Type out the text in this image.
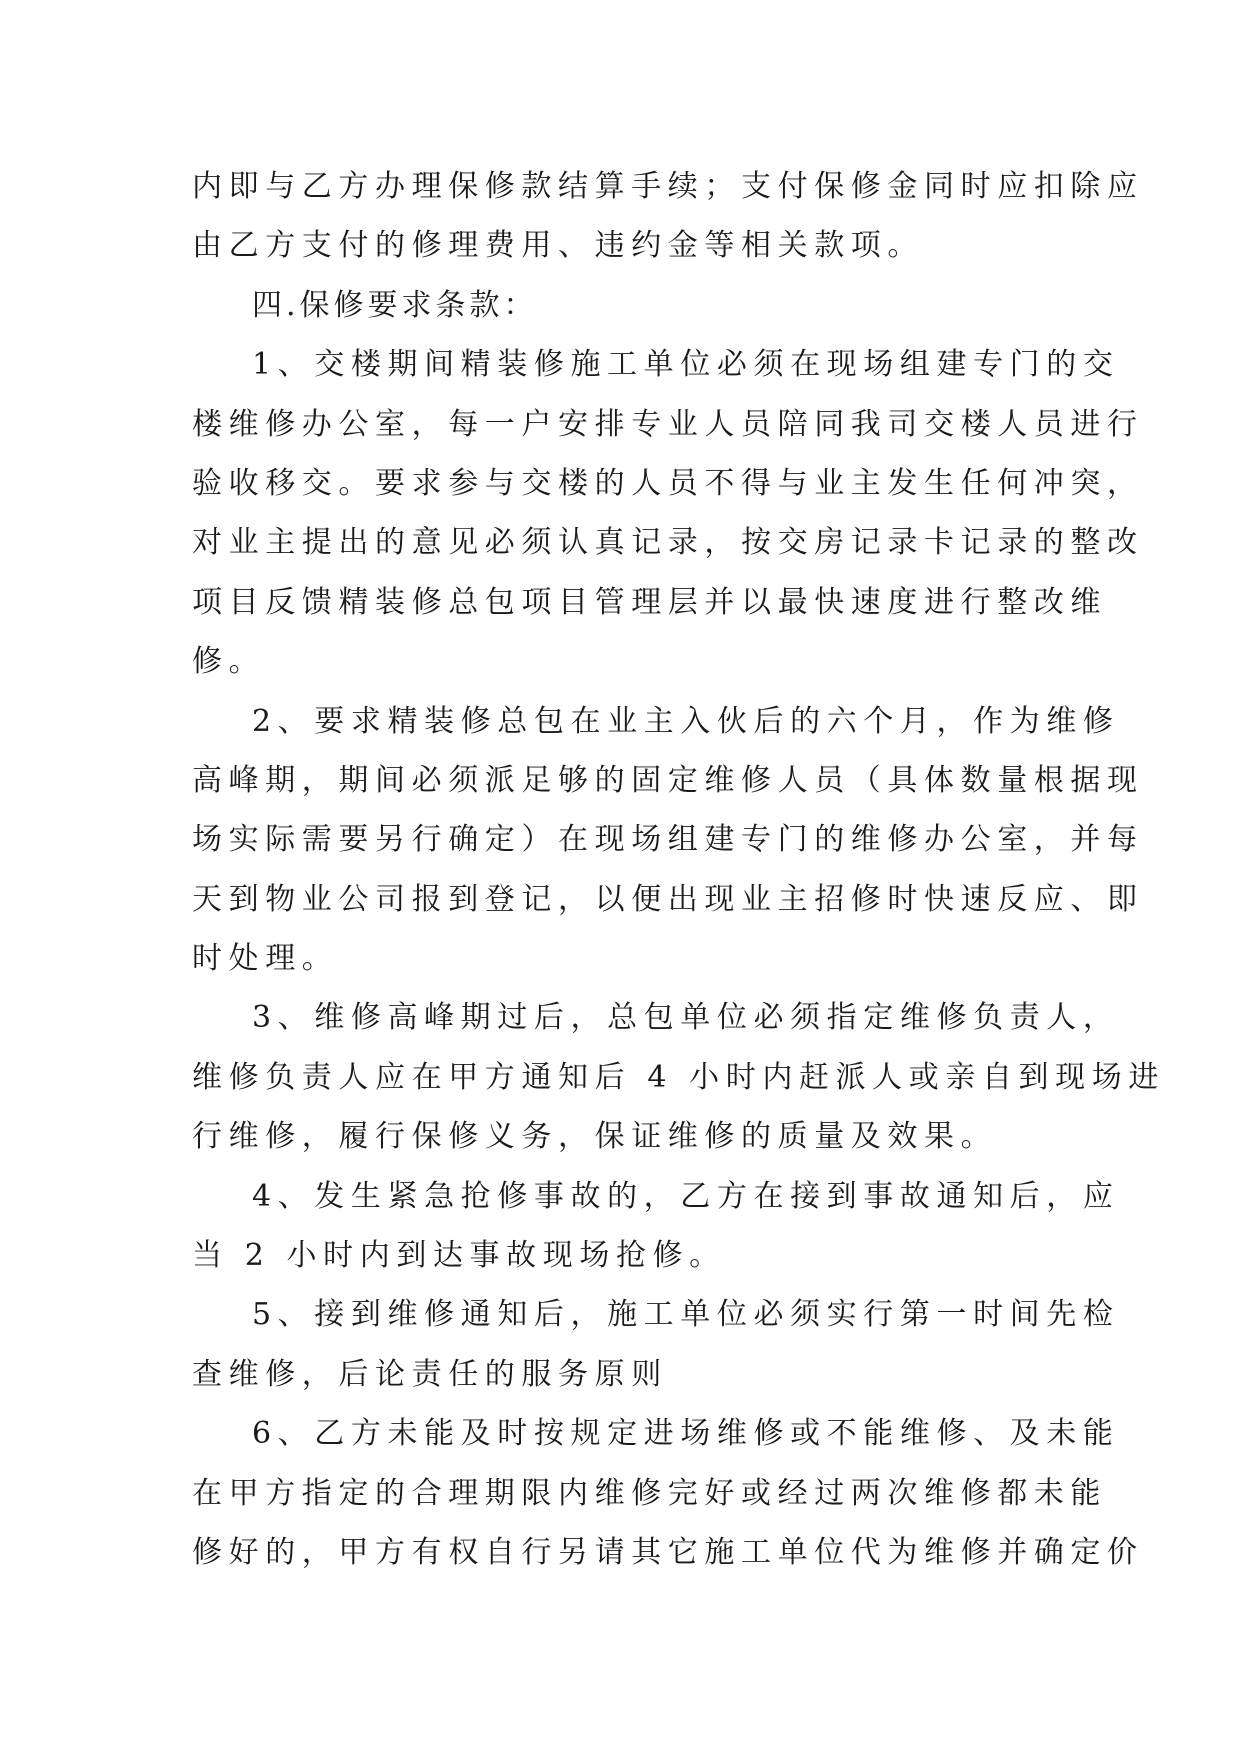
内即与乙方办理保修款结算手续；支付保修金同时应扣除应
由乙方支付的修理费用、违约金等相关款项。
四.保修要求条款：
1、交楼期间精装修施工单位必须在现场组建专门的交
楼维修办公室，每一户安排专业人员陪同我司交楼人员进行
验收移交。要求参与交楼的人员不得与业主发生任何冲突，
对业主提出的意见必须认真记录，按交房记录卡记录的整改
项目反馈精装修总包项目管理层并以最快速度进行整改维
修。
2、要求精装修总包在业主入伙后的六个月，作为维修
高峰期，期间必须派足够的固定维修人员（具体数量根据现
场实际需要另行确定）在现场组建专门的维修办公室，并每
天到物业公司报到登记，以便出现业主招修时快速反应、即
时处理。
3、维修高峰期过后，总包单位必须指定维修负责人，
维修负责人应在甲方通知后 4 小时内赶派人或亲自到现场进
行维修，履行保修义务，保证维修的质量及效果。
4、发生紧急抢修事故的，乙方在接到事故通知后，应
当 2 小时内到达事故现场抢修。
5、接到维修通知后，施工单位必须实行第一时间先检
查维修，后论责任的服务原则
6、乙方未能及时按规定进场维修或不能维修、及未能
在甲方指定的合理期限内维修完好或经过两次维修都未能
修好的，甲方有权自行另请其它施工单位代为维修并确定价
